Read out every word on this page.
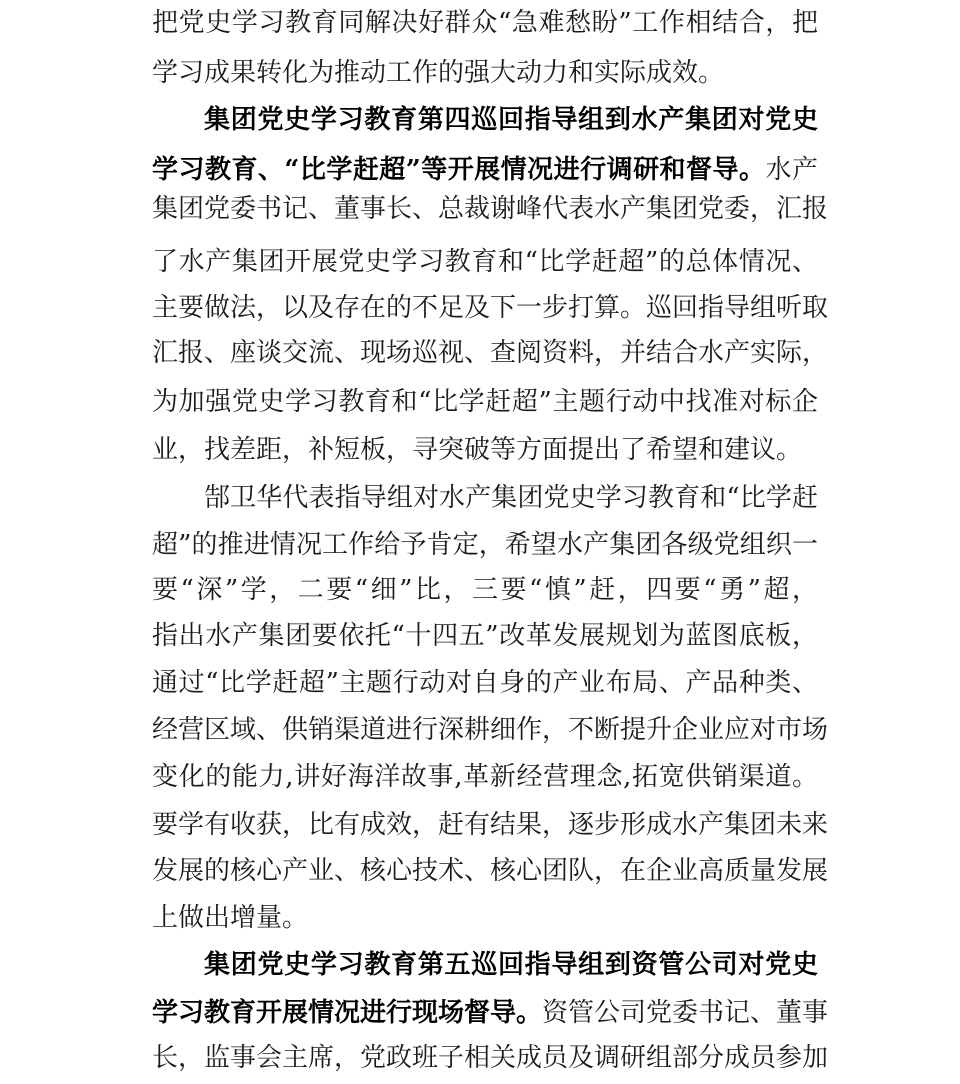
把党史学习教育同解决好群众“急难愁盼”工作相结合，把
学习成果转化为推动工作的强大动力和实际成效。
集团党史学习教育第四巡回指导组到水产集团对党史
学习教育、“比学赶超”等开展情况进行调研和督导。水产
集团党委书记、董事长、总裁谢峰代表水产集团党委，汇报
了水产集团开展党史学习教育和“比学赶超”的总体情况、
主要做法，以及存在的不足及下一步打算。巡回指导组听取
汇报、座谈交流、现场巡视、查阅资料，并结合水产实际，
为加强党史学习教育和“比学赶超”主题行动中找准对标企
业，找差距，补短板，寻突破等方面提出了希望和建议。
郜卫华代表指导组对水产集团党史学习教育和“比学赶
超”的推进情况工作给予肯定，希望水产集团各级党组织一
要“深”学，二要“细”比，三要“慎”赶，四要“勇”超，
指出水产集团要依托“十四五”改革发展规划为蓝图底板，
通过“比学赶超”主题行动对自身的产业布局、产品种类、
经营区域、供销渠道进行深耕细作，不断提升企业应对市场
变化的能力,讲好海洋故事,革新经营理念,拓宽供销渠道。
要学有收获，比有成效，赶有结果，逐步形成水产集团未来
发展的核心产业、核心技术、核心团队，在企业高质量发展
上做出增量。
集团党史学习教育第五巡回指导组到资管公司对党史
学习教育开展情况进行现场督导。资管公司党委书记、董事
长，监事会主席，党政班子相关成员及调研组部分成员参加
